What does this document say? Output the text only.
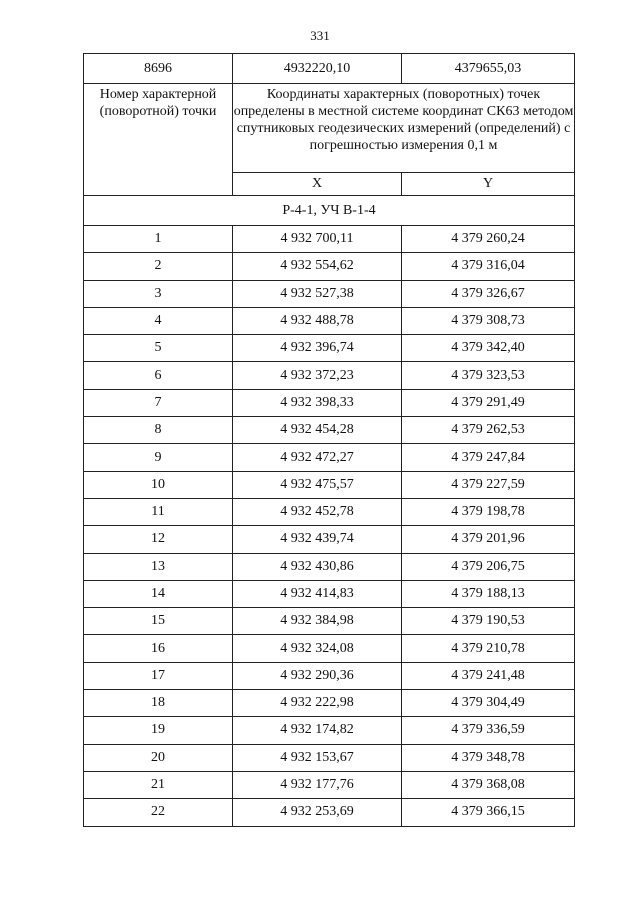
331
8696	4932220,10	4379655,03
Номер характерной (поворотной) точки	Координаты характерных (поворотных) точек определены в местной системе координат СК63 методом спутниковых геодезических измерений (определений) с погрешностью измерения 0,1 м	
	X	Y
Р-4-1, УЧ В-1-4		
1	4 932 700,11	4 379 260,24
2	4 932 554,62	4 379 316,04
3	4 932 527,38	4 379 326,67
4	4 932 488,78	4 379 308,73
5	4 932 396,74	4 379 342,40
6	4 932 372,23	4 379 323,53
7	4 932 398,33	4 379 291,49
8	4 932 454,28	4 379 262,53
9	4 932 472,27	4 379 247,84
10	4 932 475,57	4 379 227,59
11	4 932 452,78	4 379 198,78
12	4 932 439,74	4 379 201,96
13	4 932 430,86	4 379 206,75
14	4 932 414,83	4 379 188,13
15	4 932 384,98	4 379 190,53
16	4 932 324,08	4 379 210,78
17	4 932 290,36	4 379 241,48
18	4 932 222,98	4 379 304,49
19	4 932 174,82	4 379 336,59
20	4 932 153,67	4 379 348,78
21	4 932 177,76	4 379 368,08
22	4 932 253,69	4 379 366,15
